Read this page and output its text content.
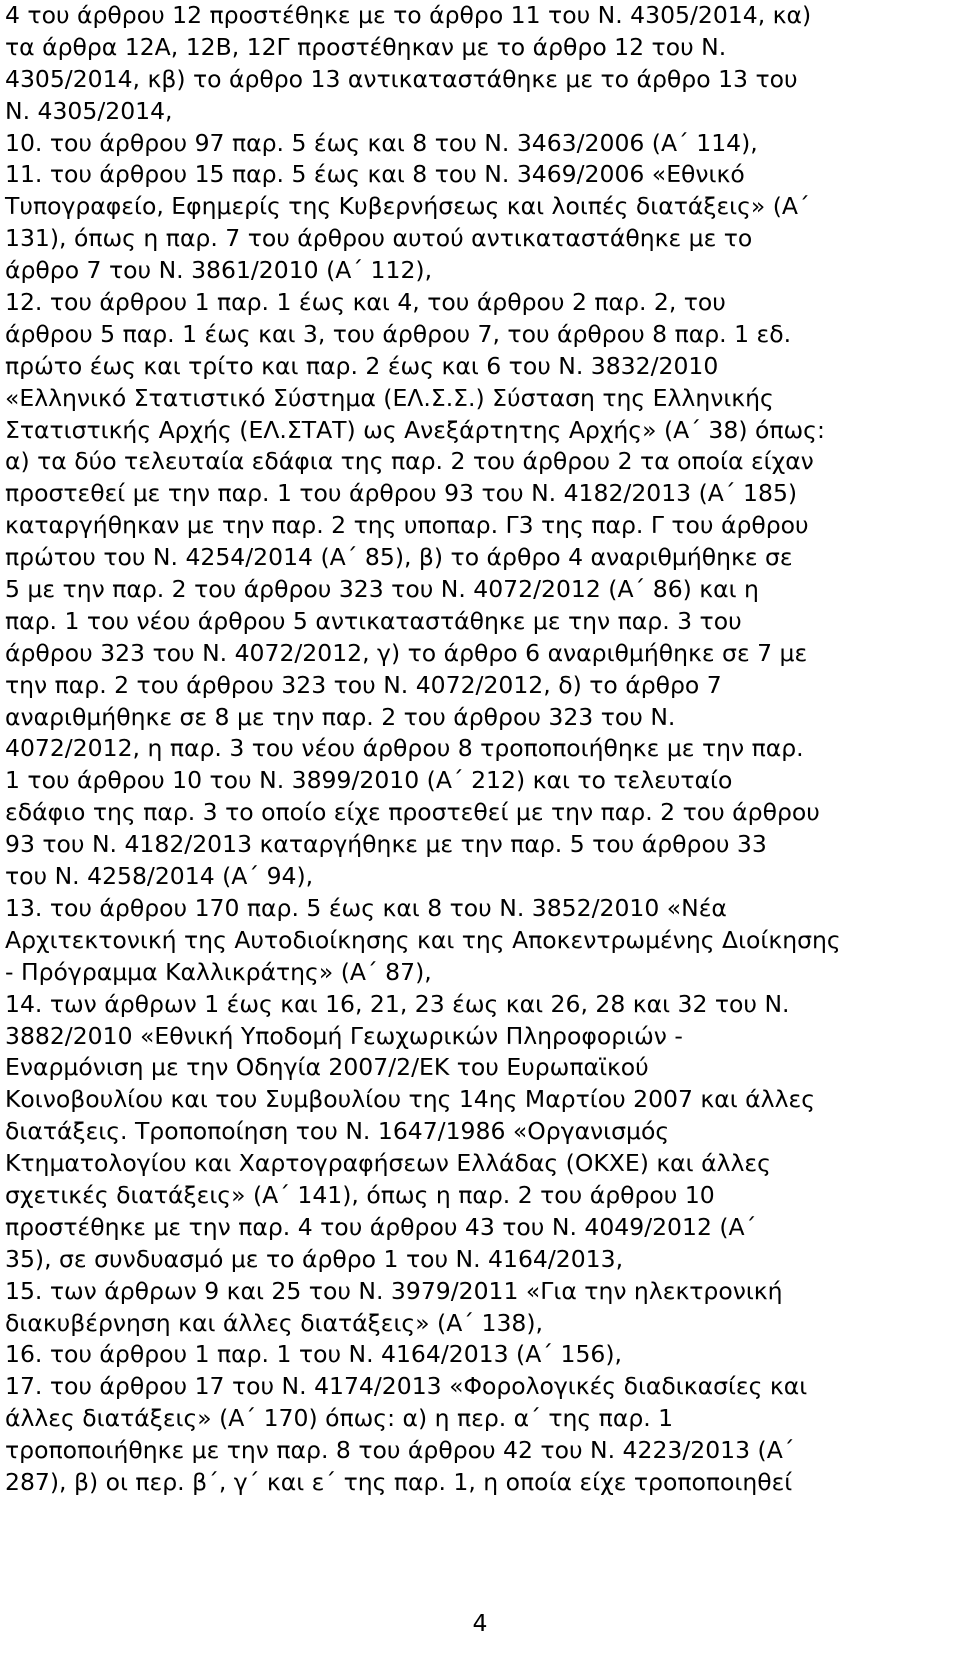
4 του άρθρου 12 προστέθηκε με το άρθρο 11 του Ν. 4305/2014, κα)
τα άρθρα 12Α, 12Β, 12Γ προστέθηκαν με το άρθρο 12 του Ν.
4305/2014, κβ) το άρθρο 13 αντικαταστάθηκε με το άρθρο 13 του
Ν. 4305/2014,
10. του άρθρου 97 παρ. 5 έως και 8 του Ν. 3463/2006 (Α΄ 114),
11. του άρθρου 15 παρ. 5 έως και 8 του Ν. 3469/2006 «Εθνικό
Τυπογραφείο, Εφημερίς της Κυβερνήσεως και λοιπές διατάξεις» (Α΄
131), όπως η παρ. 7 του άρθρου αυτού αντικαταστάθηκε με το
άρθρο 7 του Ν. 3861/2010 (Α΄ 112),
12. του άρθρου 1 παρ. 1 έως και 4, του άρθρου 2 παρ. 2, του
άρθρου 5 παρ. 1 έως και 3, του άρθρου 7, του άρθρου 8 παρ. 1 εδ.
πρώτο έως και τρίτο και παρ. 2 έως και 6 του Ν. 3832/2010
«Ελληνικό Στατιστικό Σύστημα (ΕΛ.Σ.Σ.) Σύσταση της Ελληνικής
Στατιστικής Αρχής (ΕΛ.ΣΤΑΤ) ως Ανεξάρτητης Αρχής» (Α΄ 38) όπως:
α) τα δύο τελευταία εδάφια της παρ. 2 του άρθρου 2 τα οποία είχαν
προστεθεί με την παρ. 1 του άρθρου 93 του Ν. 4182/2013 (Α΄ 185)
καταργήθηκαν με την παρ. 2 της υποπαρ. Γ3 της παρ. Γ του άρθρου
πρώτου του Ν. 4254/2014 (Α΄ 85), β) το άρθρο 4 αναριθμήθηκε σε
5 με την παρ. 2 του άρθρου 323 του Ν. 4072/2012 (Α΄ 86) και η
παρ. 1 του νέου άρθρου 5 αντικαταστάθηκε με την παρ. 3 του
άρθρου 323 του Ν. 4072/2012, γ) το άρθρο 6 αναριθμήθηκε σε 7 με
την παρ. 2 του άρθρου 323 του Ν. 4072/2012, δ) το άρθρο 7
αναριθμήθηκε σε 8 με την παρ. 2 του άρθρου 323 του Ν.
4072/2012, η παρ. 3 του νέου άρθρου 8 τροποποιήθηκε με την παρ.
1 του άρθρου 10 του Ν. 3899/2010 (Α΄ 212) και το τελευταίο
εδάφιο της παρ. 3 το οποίο είχε προστεθεί με την παρ. 2 του άρθρου
93 του Ν. 4182/2013 καταργήθηκε με την παρ. 5 του άρθρου 33
του Ν. 4258/2014 (Α΄ 94),
13. του άρθρου 170 παρ. 5 έως και 8 του Ν. 3852/2010 «Νέα
Αρχιτεκτονική της Αυτοδιοίκησης και της Αποκεντρωμένης Διοίκησης
- Πρόγραμμα Καλλικράτης» (Α΄ 87),
14. των άρθρων 1 έως και 16, 21, 23 έως και 26, 28 και 32 του Ν.
3882/2010 «Εθνική Υποδομή Γεωχωρικών Πληροφοριών -
Εναρμόνιση με την Οδηγία 2007/2/ΕΚ του Ευρωπαϊκού
Κοινοβουλίου και του Συμβουλίου της 14ης Μαρτίου 2007 και άλλες
διατάξεις. Τροποποίηση του Ν. 1647/1986 «Οργανισμός
Κτηματολογίου και Χαρτογραφήσεων Ελλάδας (ΟΚΧΕ) και άλλες
σχετικές διατάξεις» (Α΄ 141), όπως η παρ. 2 του άρθρου 10
προστέθηκε με την παρ. 4 του άρθρου 43 του Ν. 4049/2012 (Α΄
35), σε συνδυασμό με το άρθρο 1 του Ν. 4164/2013,
15. των άρθρων 9 και 25 του Ν. 3979/2011 «Για την ηλεκτρονική
διακυβέρνηση και άλλες διατάξεις» (Α΄ 138),
16. του άρθρου 1 παρ. 1 του Ν. 4164/2013 (Α΄ 156),
17. του άρθρου 17 του Ν. 4174/2013 «Φορολογικές διαδικασίες και
άλλες διατάξεις» (Α΄ 170) όπως: α) η περ. α΄ της παρ. 1
τροποποιήθηκε με την παρ. 8 του άρθρου 42 του Ν. 4223/2013 (Α΄
287), β) οι περ. β΄, γ΄ και ε΄ της παρ. 1, η οποία είχε τροποποιηθεί
4
